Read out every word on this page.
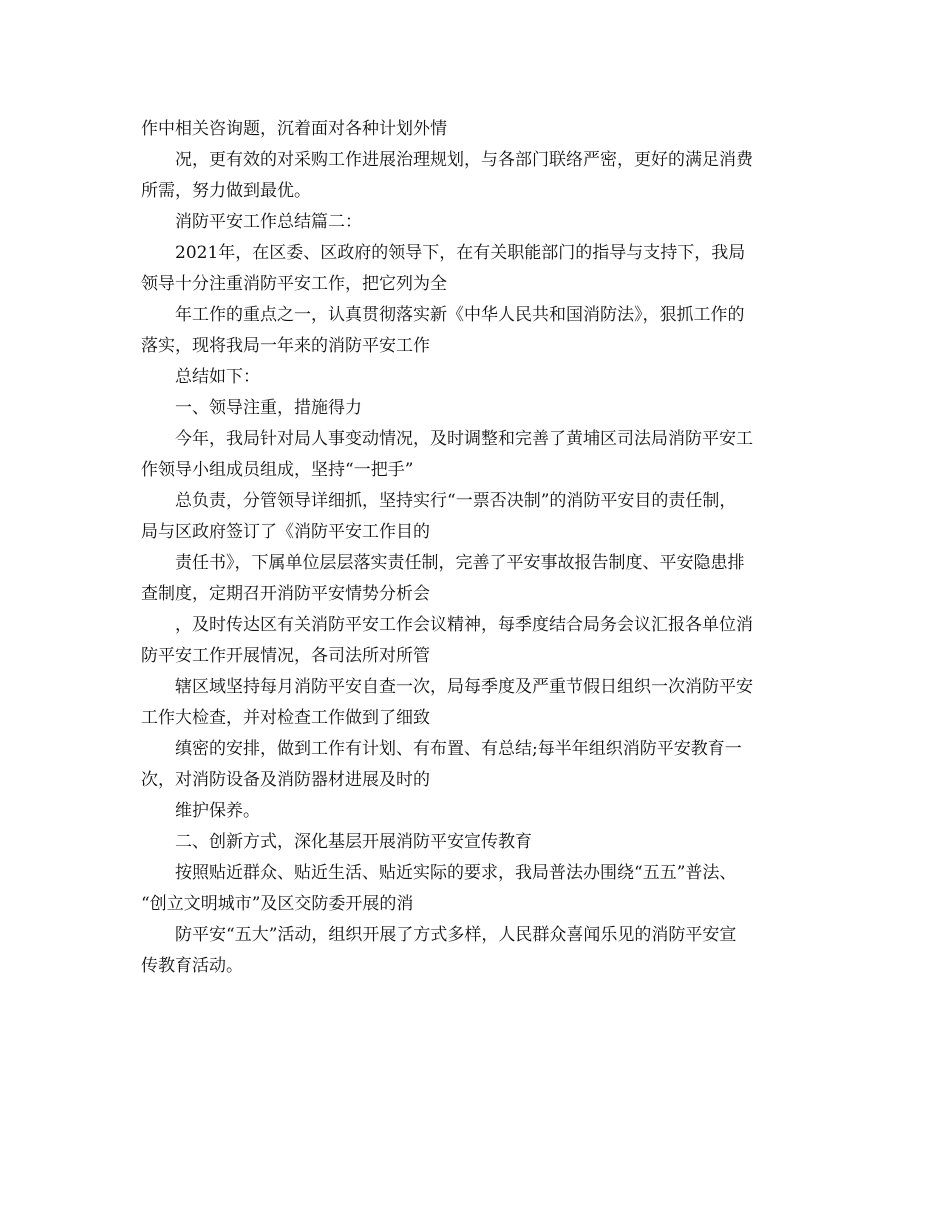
作中相关咨询题，沉着面对各种计划外情
况，更有效的对采购工作进展治理规划，与各部门联络严密，更好的满足消费
所需，努力做到最优。
消防平安工作总结篇二：
2021年，在区委、区政府的领导下，在有关职能部门的指导与支持下，我局
领导十分注重消防平安工作，把它列为全
年工作的重点之一，认真贯彻落实新《中华人民共和国消防法》，狠抓工作的
落实，现将我局一年来的消防平安工作
总结如下：
一、领导注重，措施得力
今年，我局针对局人事变动情况，及时调整和完善了黄埔区司法局消防平安工
作领导小组成员组成，坚持“一把手”
总负责，分管领导详细抓，坚持实行“一票否决制”的消防平安目的责任制，
局与区政府签订了《消防平安工作目的
责任书》，下属单位层层落实责任制，完善了平安事故报告制度、平安隐患排
查制度，定期召开消防平安情势分析会
，及时传达区有关消防平安工作会议精神，每季度结合局务会议汇报各单位消
防平安工作开展情况，各司法所对所管
辖区域坚持每月消防平安自查一次，局每季度及严重节假日组织一次消防平安
工作大检查，并对检查工作做到了细致
缜密的安排，做到工作有计划、有布置、有总结;每半年组织消防平安教育一
次，对消防设备及消防器材进展及时的
维护保养。
二、创新方式，深化基层开展消防平安宣传教育
按照贴近群众、贴近生活、贴近实际的要求，我局普法办围绕“五五”普法、
“创立文明城市”及区交防委开展的消
防平安“五大”活动，组织开展了方式多样，人民群众喜闻乐见的消防平安宣
传教育活动。
